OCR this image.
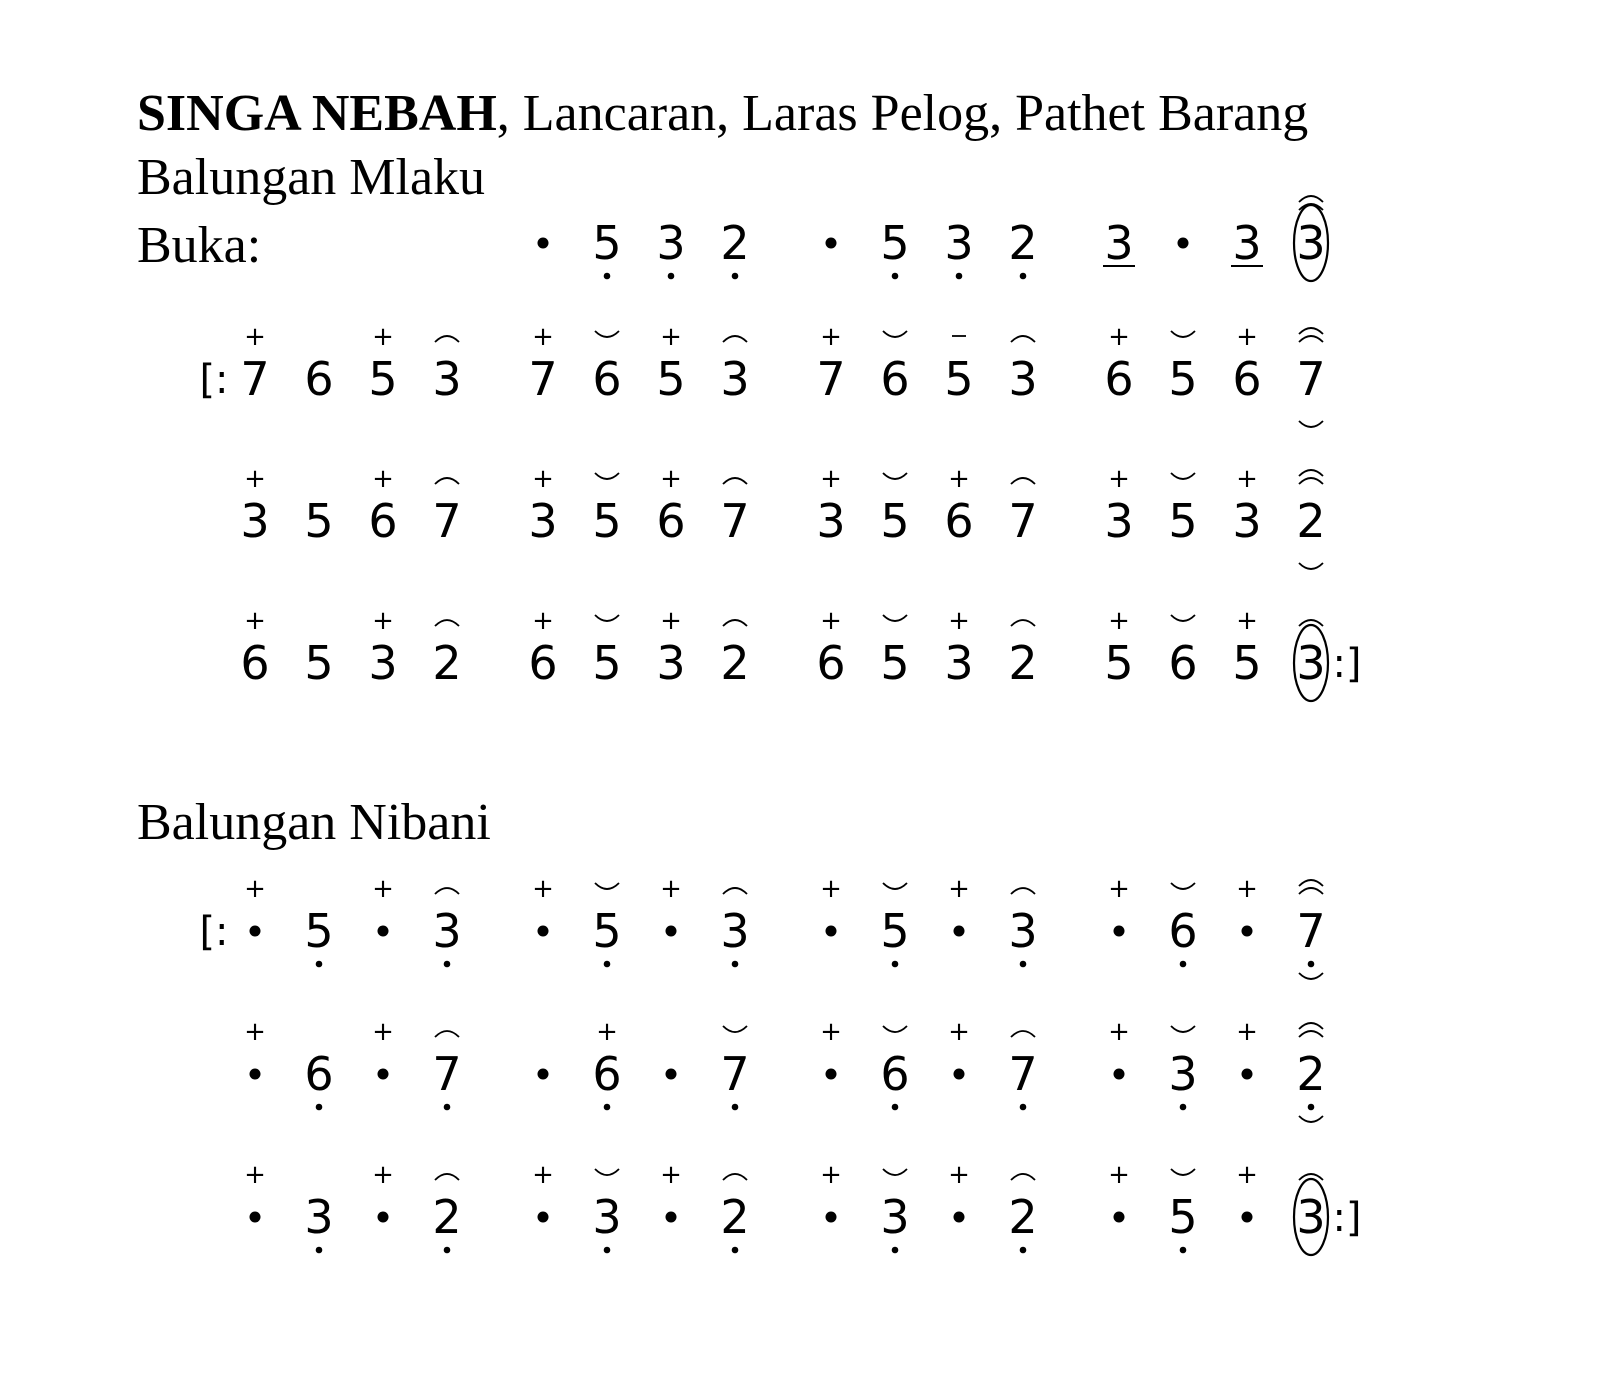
SINGA NEBAH, Lancaran, Laras Pelog, Pathet Barang
Balungan Mlaku
Buka:
Balungan Nibani
5 3 2	5 3 2 3 3 3
7
+
6 5
+
3 7
+
6 5
+
3 7
+
6 5 3 6
+
5 6
+
7
[:
3
+
5 6
+
7 3
+
5 6
+
7 3
+
5 6
+
7 3
+
5 3
+
2
6
+
5 3
+
2 6
+
5 3
+
2 6
+
5 3
+
2 5
+
6 5
+
3 :]
+
5
+
3
+
5
+
3
+
5
+
3
+
6
+
7
[:
+
6
+
7	6
+
7
+
6
+
7
+
3
+
2
+
3
+
2
+
3
+
2
+
3
+
2
+
5
+
3 :]
